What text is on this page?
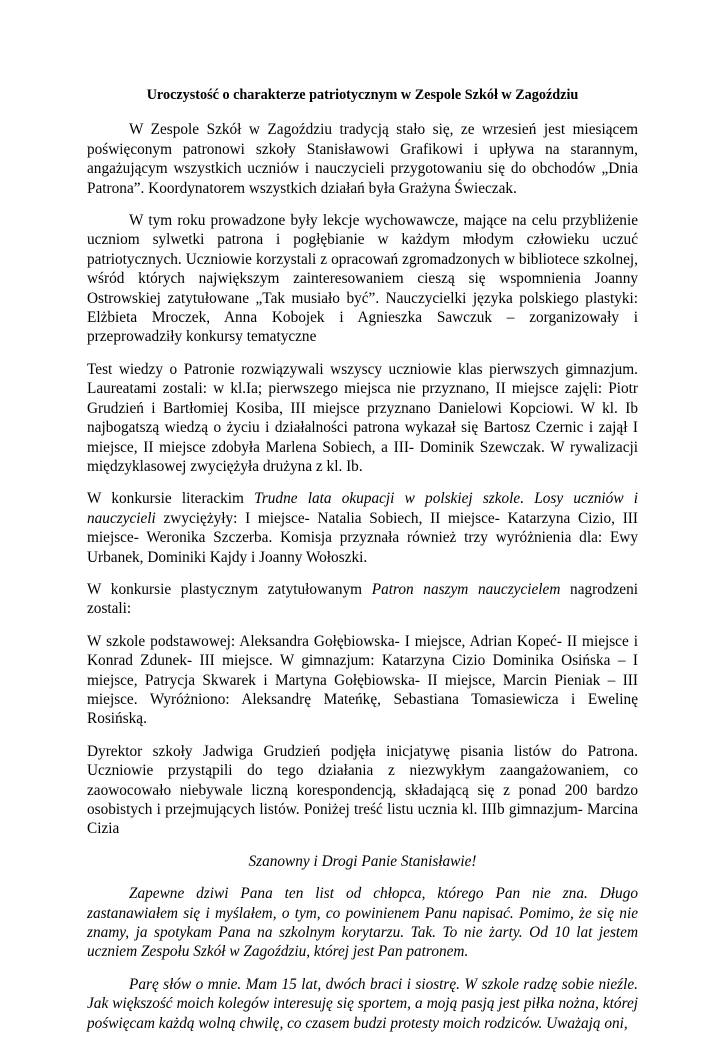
Uroczystość o charakterze patriotycznym w Zespole Szkół w Zagoździu
W Zespole Szkół w Zagoździu tradycją stało się, ze wrzesień jest miesiącem poświęconym patronowi szkoły Stanisławowi Grafikowi i upływa na starannym, angażującym wszystkich uczniów i nauczycieli przygotowaniu się do obchodów „Dnia Patrona”. Koordynatorem wszystkich działań była Grażyna Świeczak.
W tym roku prowadzone były lekcje wychowawcze, mające na celu przybliżenie uczniom sylwetki patrona i pogłębianie w każdym młodym człowieku uczuć patriotycznych. Uczniowie korzystali z opracowań zgromadzonych w bibliotece szkolnej, wśród których największym zainteresowaniem cieszą się wspomnienia Joanny Ostrowskiej zatytułowane „Tak musiało być”. Nauczycielki języka polskiego plastyki: Elżbieta Mroczek, Anna Kobojek i Agnieszka Sawczuk – zorganizowały i przeprowadziły konkursy tematyczne
Test wiedzy o Patronie rozwiązywali wszyscy uczniowie klas pierwszych gimnazjum. Laureatami zostali: w kl.Ia; pierwszego miejsca nie przyznano, II miejsce zajęli: Piotr Grudzień i Bartłomiej Kosiba, III miejsce przyznano Danielowi Kopciowi. W kl. Ib najbogatszą wiedzą o życiu i działalności patrona wykazał się Bartosz Czernic i zajął I miejsce, II miejsce zdobyła Marlena Sobiech, a III- Dominik Szewczak. W rywalizacji międzyklasowej zwyciężyła drużyna z kl. Ib.
W konkursie literackim Trudne lata okupacji w polskiej szkole. Losy uczniów i nauczycieli zwyciężyły: I miejsce- Natalia Sobiech, II miejsce- Katarzyna Cizio, III miejsce- Weronika Szczerba. Komisja przyznała również trzy wyróżnienia dla: Ewy Urbanek, Dominiki Kajdy i Joanny Wołoszki.
W konkursie plastycznym zatytułowanym Patron naszym nauczycielem nagrodzeni zostali:
W szkole podstawowej: Aleksandra Gołębiowska- I miejsce, Adrian Kopeć- II miejsce i Konrad Zdunek- III miejsce. W gimnazjum: Katarzyna Cizio Dominika Osińska – I miejsce, Patrycja Skwarek i Martyna Gołębiowska- II miejsce, Marcin Pieniak – III miejsce. Wyróżniono: Aleksandrę Mateńkę, Sebastiana Tomasiewicza i Ewelinę Rosińską.
Dyrektor szkoły Jadwiga Grudzień podjęła inicjatywę pisania listów do Patrona. Uczniowie przystąpili do tego działania z niezwykłym zaangażowaniem, co zaowocowało niebywale liczną korespondencją, składającą się z ponad 200 bardzo osobistych i przejmujących listów. Poniżej treść listu ucznia kl. IIIb gimnazjum- Marcina Cizia
Szanowny i Drogi Panie Stanisławie!
Zapewne dziwi Pana ten list od chłopca, którego Pan nie zna. Długo zastanawiałem się i myślałem, o tym, co powinienem Panu napisać. Pomimo, że się nie znamy, ja spotykam Pana na szkolnym korytarzu. Tak. To nie żarty. Od 10 lat jestem uczniem Zespołu Szkół w Zagoździu, której jest Pan patronem.
Parę słów o mnie. Mam 15 lat, dwóch braci i siostrę. W szkole radzę sobie nieźle. Jak większość moich kolegów interesuję się sportem, a moją pasją jest piłka nożna, której poświęcam każdą wolną chwilę, co czasem budzi protesty moich rodziców. Uważają oni,
